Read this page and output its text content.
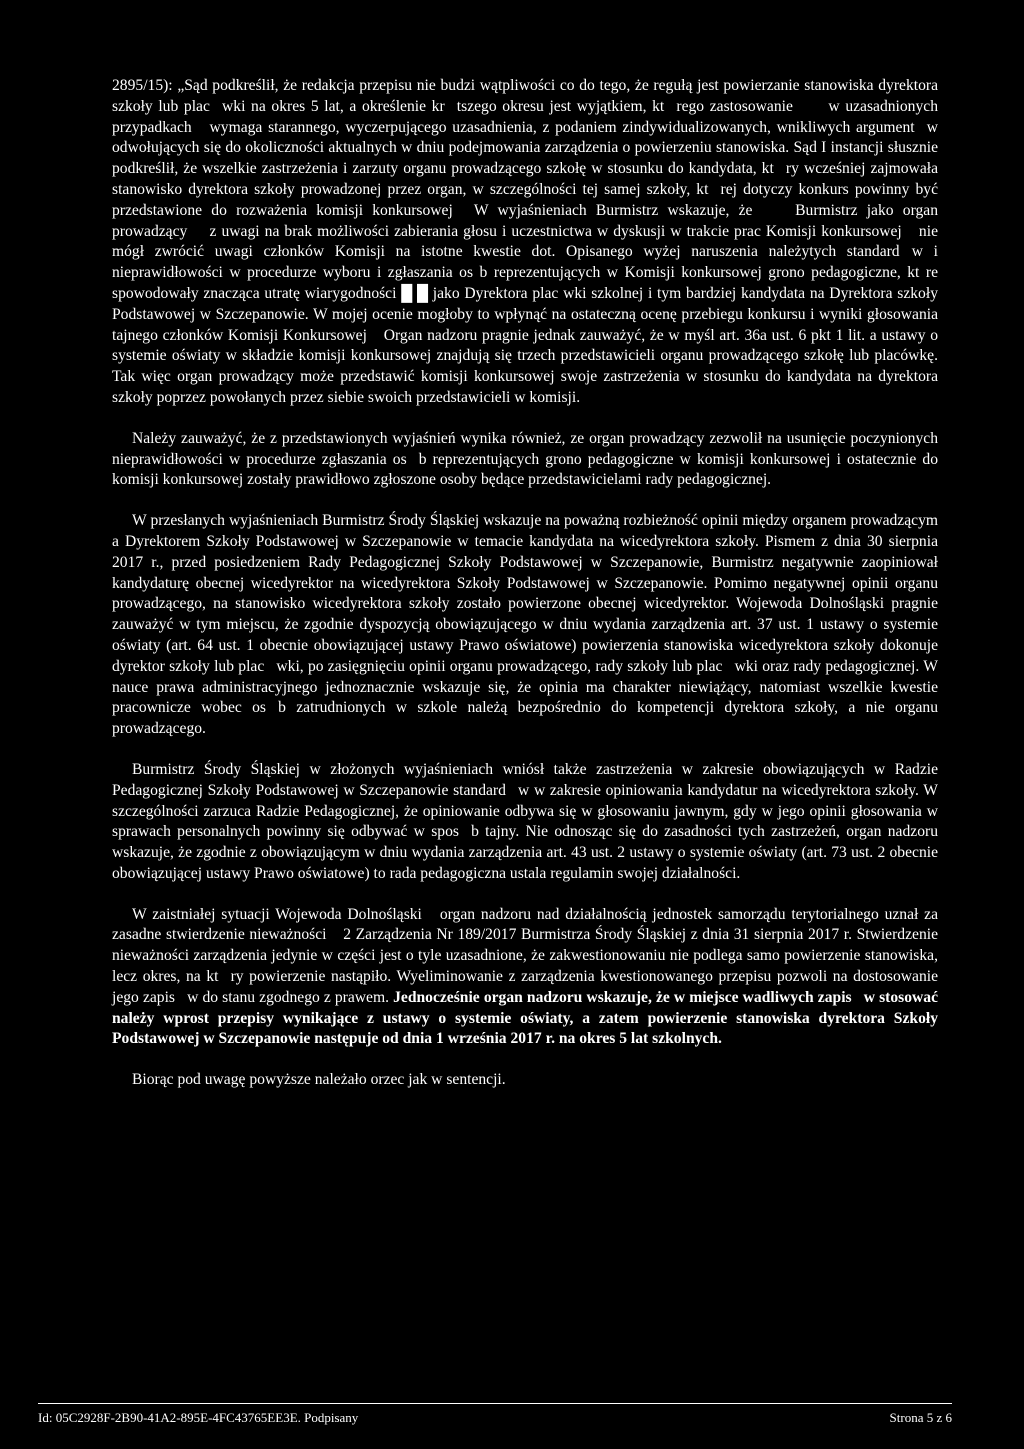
2895/15): „Sąd podkreślił, że redakcja przepisu nie budzi wątpliwości co do tego, że regułą jest powierzanie stanowiska dyrektora szkoły lub plac wki na okres 5 lat, a określenie kr tszego okresu jest wyjątkiem, kt rego zastosowanie    w uzasadnionych przypadkach  wymaga starannego, wyczerpującego uzasadnienia, z podaniem zindywidualizowanych, wnikliwych argument w odwołujących się do okoliczności aktualnych w dniu podejmowania zarządzenia o powierzeniu stanowiska. Sąd I instancji słusznie podkreślił, że wszelkie zastrzeżenia i zarzuty organu prowadzącego szkołę w stosunku do kandydata, kt ry wcześniej zajmowała stanowisko dyrektora szkoły prowadzonej przez organ, w szczególności tej samej szkoły, kt rej dotyczy konkurs powinny być przedstawione do rozważenia komisji konkursowej  W wyjaśnieniach Burmistrz wskazuje, że    Burmistrz jako organ prowadzący   z uwagi na brak możliwości zabierania głosu i uczestnictwa w dyskusji w trakcie prac Komisji konkursowej  nie mógł zwrócić uwagi członków Komisji na istotne kwestie dot. Opisanego wyżej naruszenia należytych standard w i nieprawidłowości w procedurze wyboru i zgłaszania os b reprezentujących w Komisji konkursowej grono pedagogiczne, kt re spowodowały znacząca utratę wiarygodności █ █ jako Dyrektora plac wki szkolnej i tym bardziej kandydata na Dyrektora szkoły Podstawowej w Szczepanowie. W mojej ocenie mogłoby to wpłynąć na ostateczną ocenę przebiegu konkursu i wyniki głosowania tajnego członków Komisji Konkursowej  Organ nadzoru pragnie jednak zauważyć, że w myśl art. 36a ust. 6 pkt 1 lit. a ustawy o systemie oświaty w składzie komisji konkursowej znajdują się trzech przedstawicieli organu prowadzącego szkołę lub placówkę. Tak więc organ prowadzący może przedstawić komisji konkursowej swoje zastrzeżenia w stosunku do kandydata na dyrektora szkoły poprzez powołanych przez siebie swoich przedstawicieli w komisji.

Należy zauważyć, że z przedstawionych wyjaśnień wynika również, ze organ prowadzący zezwolił na usunięcie poczynionych nieprawidłowości w procedurze zgłaszania os b reprezentujących grono pedagogiczne w komisji konkursowej i ostatecznie do komisji konkursowej zostały prawidłowo zgłoszone osoby będące przedstawicielami rady pedagogicznej.

W przesłanych wyjaśnieniach Burmistrz Środy Śląskiej wskazuje na poważną rozbieżność opinii między organem prowadzącym a Dyrektorem Szkoły Podstawowej w Szczepanowie w temacie kandydata na wicedyrektora szkoły. Pismem z dnia 30 sierpnia 2017 r., przed posiedzeniem Rady Pedagogicznej Szkoły Podstawowej w Szczepanowie, Burmistrz negatywnie zaopiniował kandydaturę obecnej wicedyrektor na wicedyrektora Szkoły Podstawowej w Szczepanowie. Pomimo negatywnej opinii organu prowadzącego, na stanowisko wicedyrektora szkoły zostało powierzone obecnej wicedyrektor. Wojewoda Dolnośląski pragnie zauważyć w tym miejscu, że zgodnie dyspozycją obowiązującego w dniu wydania zarządzenia art. 37 ust. 1 ustawy o systemie oświaty (art. 64 ust. 1 obecnie obowiązującej ustawy Prawo oświatowe) powierzenia stanowiska wicedyrektora szkoły dokonuje dyrektor szkoły lub plac wki, po zasięgnięciu opinii organu prowadzącego, rady szkoły lub plac wki oraz rady pedagogicznej. W nauce prawa administracyjnego jednoznacznie wskazuje się, że opinia ma charakter niewiążący, natomiast wszelkie kwestie pracownicze wobec os b zatrudnionych w szkole należą bezpośrednio do kompetencji dyrektora szkoły, a nie organu prowadzącego.

Burmistrz Środy Śląskiej w złożonych wyjaśnieniach wniósł także zastrzeżenia w zakresie obowiązujących w Radzie Pedagogicznej Szkoły Podstawowej w Szczepanowie standard w w zakresie opiniowania kandydatur na wicedyrektora szkoły. W szczególności zarzuca Radzie Pedagogicznej, że opiniowanie odbywa się w głosowaniu jawnym, gdy w jego opinii głosowania w sprawach personalnych powinny się odbywać w spos b tajny. Nie odnosząc się do zasadności tych zastrzeżeń, organ nadzoru wskazuje, że zgodnie z obowiązującym w dniu wydania zarządzenia art. 43 ust. 2 ustawy o systemie oświaty (art. 73 ust. 2 obecnie obowiązującej ustawy Prawo oświatowe) to rada pedagogiczna ustala regulamin swojej działalności.

W zaistniałej sytuacji Wojewoda Dolnośląski  organ nadzoru nad działalnością jednostek samorządu terytorialnego uznał za zasadne stwierdzenie nieważności  2 Zarządzenia Nr 189/2017 Burmistrza Środy Śląskiej z dnia 31 sierpnia 2017 r. Stwierdzenie nieważności zarządzenia jedynie w części jest o tyle uzasadnione, że zakwestionowaniu nie podlega samo powierzenie stanowiska, lecz okres, na kt ry powierzenie nastąpiło. Wyeliminowanie z zarządzenia kwestionowanego przepisu pozwoli na dostosowanie jego zapis w do stanu zgodnego z prawem. Jednocześnie organ nadzoru wskazuje, że w miejsce wadliwych zapis w stosować należy wprost przepisy wynikające z ustawy o systemie oświaty, a zatem powierzenie stanowiska dyrektora Szkoły Podstawowej w Szczepanowie następuje od dnia 1 września 2017 r. na okres 5 lat szkolnych.

Biorąc pod uwagę powyższe należało orzec jak w sentencji.

Id: 05C2928F-2B90-41A2-895E-4FC43765EE3E. Podpisany	Strona 5 z 6
